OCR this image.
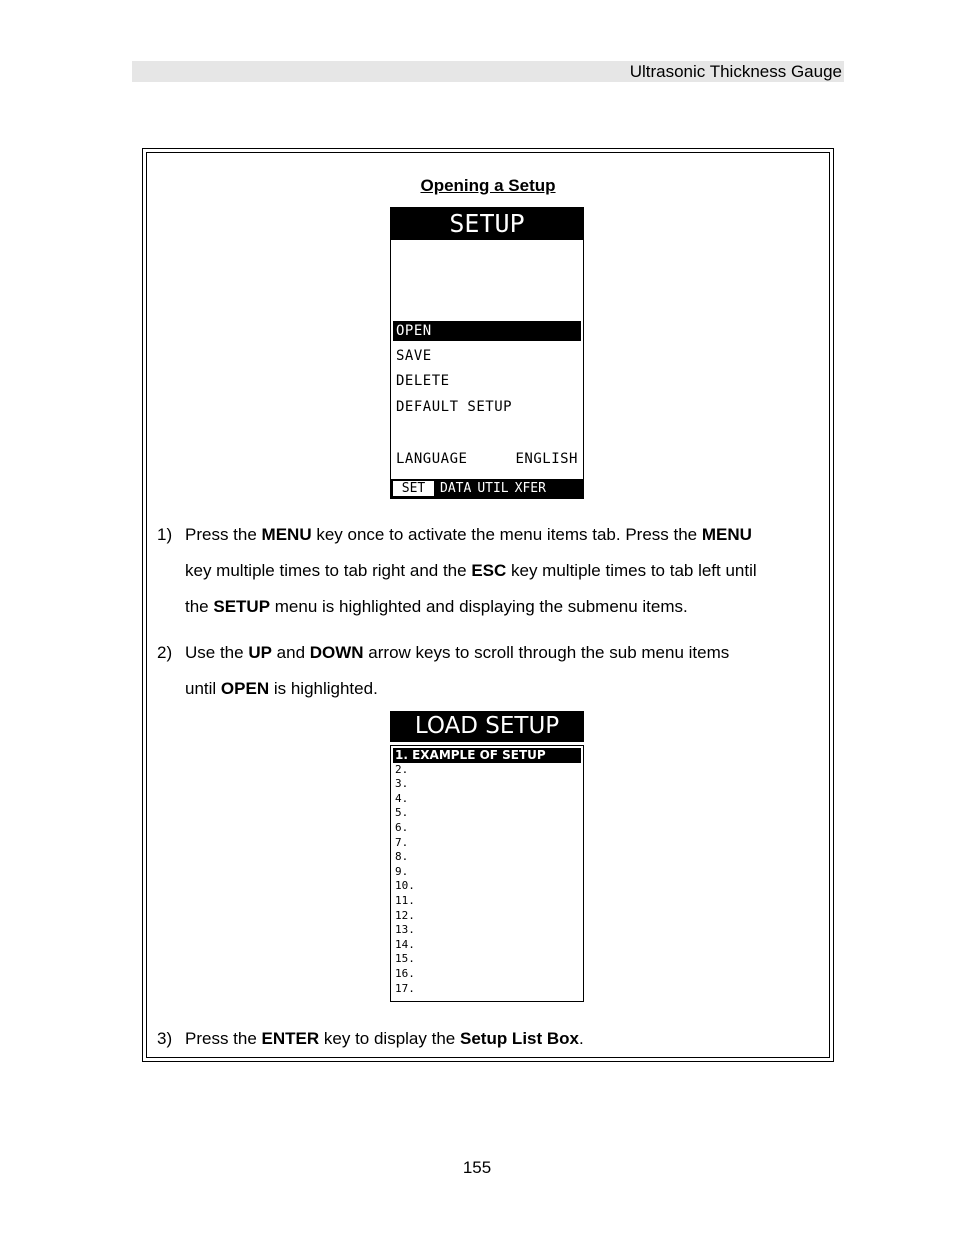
Ultrasonic Thickness Gauge
Opening a Setup
SETUP OPTIONS
OPEN
SAVE
DELETE
DEFAULT SETUP
LANGUAGE	ENGLISH
SET	DATA UTIL XFER
1) Press the MENU key once to activate the menu items tab. Press the MENU
key multiple times to tab right and the ESC key multiple times to tab left until
the SETUP menu is highlighted and displaying the submenu items.
2) Use the UP and DOWN arrow keys to scroll through the sub menu items
until OPEN is highlighted.
LOAD SETUP
1. EXAMPLE OF SETUP
2.
3.
4.
5.
6.
7.
8.
9.
10.
11.
12.
13.
14.
15.
16.
17.
3) Press the ENTER key to display the Setup List Box.
155
